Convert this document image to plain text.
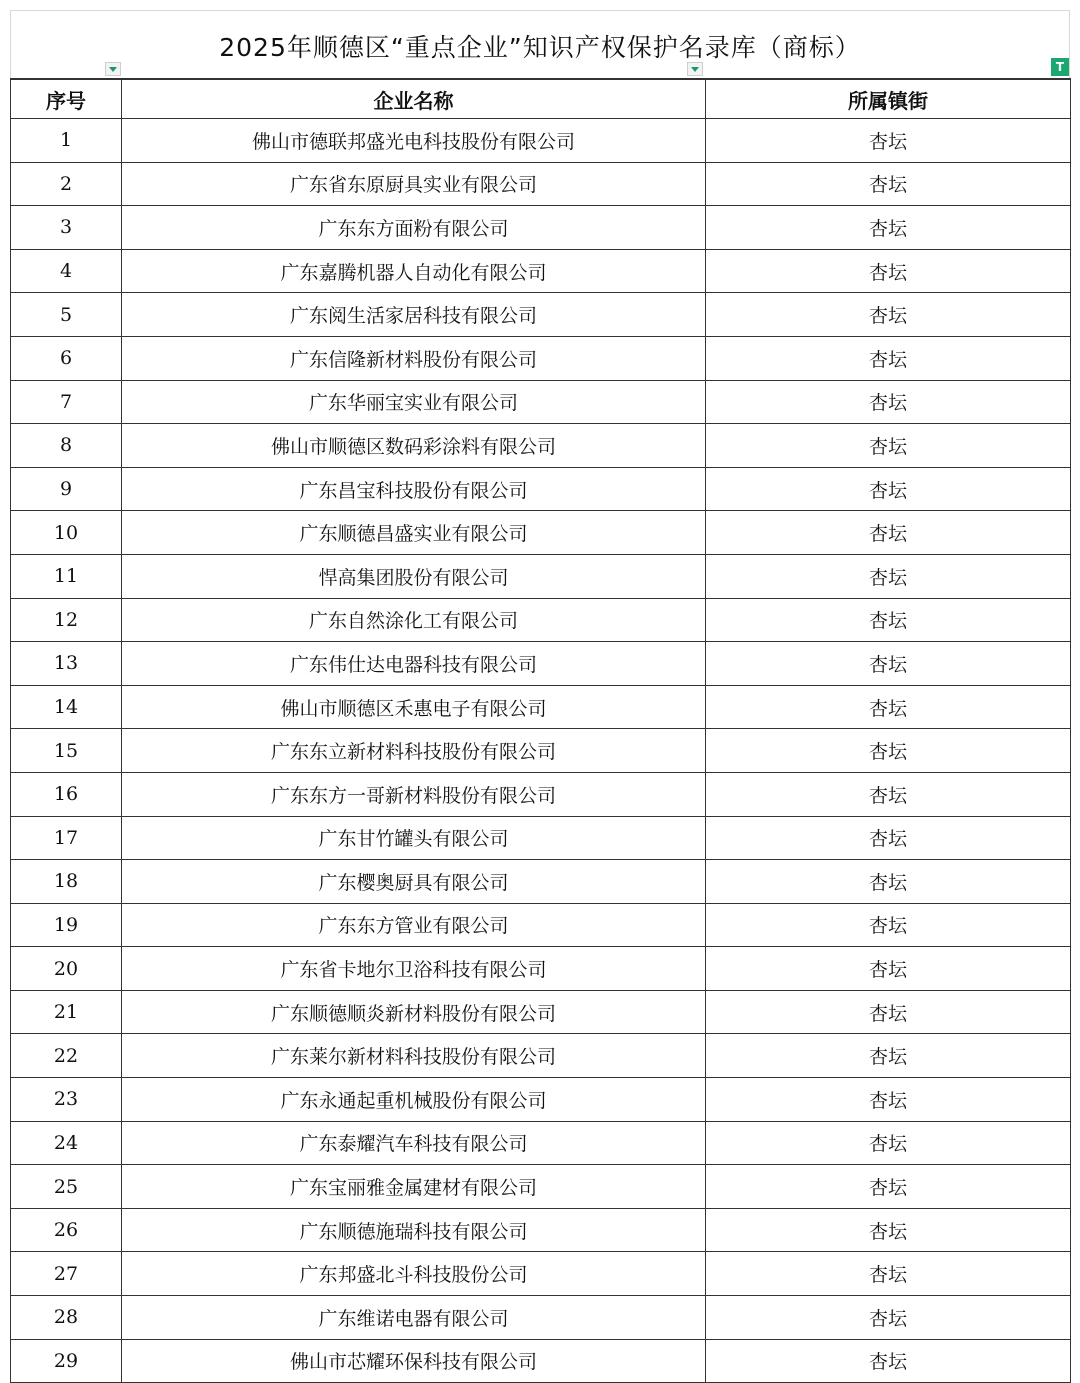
2025年顺德区“重点企业”知识产权保护名录库（商标）
T
序号	企业名称	所属镇街
1	佛山市德联邦盛光电科技股份有限公司	杏坛
2	广东省东原厨具实业有限公司	杏坛
3	广东东方面粉有限公司	杏坛
4	广东嘉腾机器人自动化有限公司	杏坛
5	广东阅生活家居科技有限公司	杏坛
6	广东信隆新材料股份有限公司	杏坛
7	广东华丽宝实业有限公司	杏坛
8	佛山市顺德区数码彩涂料有限公司	杏坛
9	广东昌宝科技股份有限公司	杏坛
10	广东顺德昌盛实业有限公司	杏坛
11	悍高集团股份有限公司	杏坛
12	广东自然涂化工有限公司	杏坛
13	广东伟仕达电器科技有限公司	杏坛
14	佛山市顺德区禾惠电子有限公司	杏坛
15	广东东立新材料科技股份有限公司	杏坛
16	广东东方一哥新材料股份有限公司	杏坛
17	广东甘竹罐头有限公司	杏坛
18	广东樱奥厨具有限公司	杏坛
19	广东东方管业有限公司	杏坛
20	广东省卡地尔卫浴科技有限公司	杏坛
21	广东顺德顺炎新材料股份有限公司	杏坛
22	广东莱尔新材料科技股份有限公司	杏坛
23	广东永通起重机械股份有限公司	杏坛
24	广东泰耀汽车科技有限公司	杏坛
25	广东宝丽雅金属建材有限公司	杏坛
26	广东顺德施瑞科技有限公司	杏坛
27	广东邦盛北斗科技股份公司	杏坛
28	广东维诺电器有限公司	杏坛
29	佛山市芯耀环保科技有限公司	杏坛
